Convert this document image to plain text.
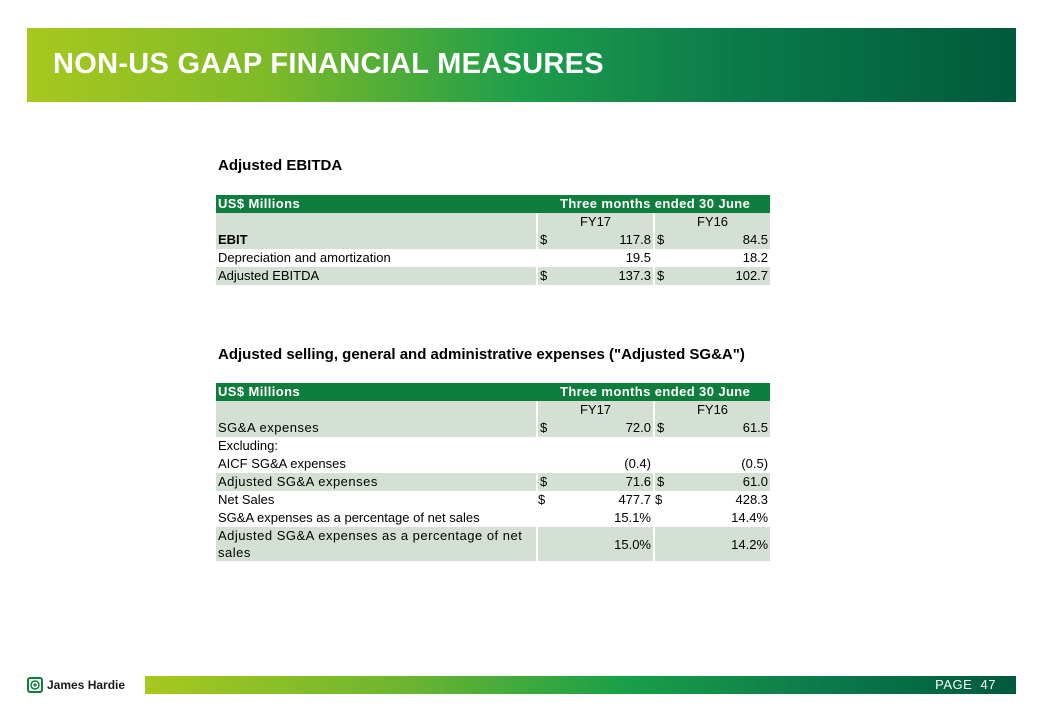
NON-US GAAP FINANCIAL MEASURES
Adjusted EBITDA
US$ Millions	Three months ended 30 June			
	FY17		FY16	
EBIT	$	117.8	$	84.5
Depreciation and amortization		19.5		18.2
Adjusted EBITDA	$	137.3	$	102.7
Adjusted selling, general and administrative expenses ("Adjusted SG&A")
US$ Millions	Three months ended 30 June			
	FY17		FY16	
SG&A expenses	$	72.0	$	61.5
Excluding:				
AICF SG&A expenses		(0.4)		(0.5)
Adjusted SG&A expenses	$	71.6	$	61.0
Net Sales	$	477.7	$	428.3
SG&A expenses as a percentage of net sales		15.1%		14.4%
Adjusted SG&A expenses as a percentage of net sales		15.0%		14.2%
James Hardie	PAGE 47
